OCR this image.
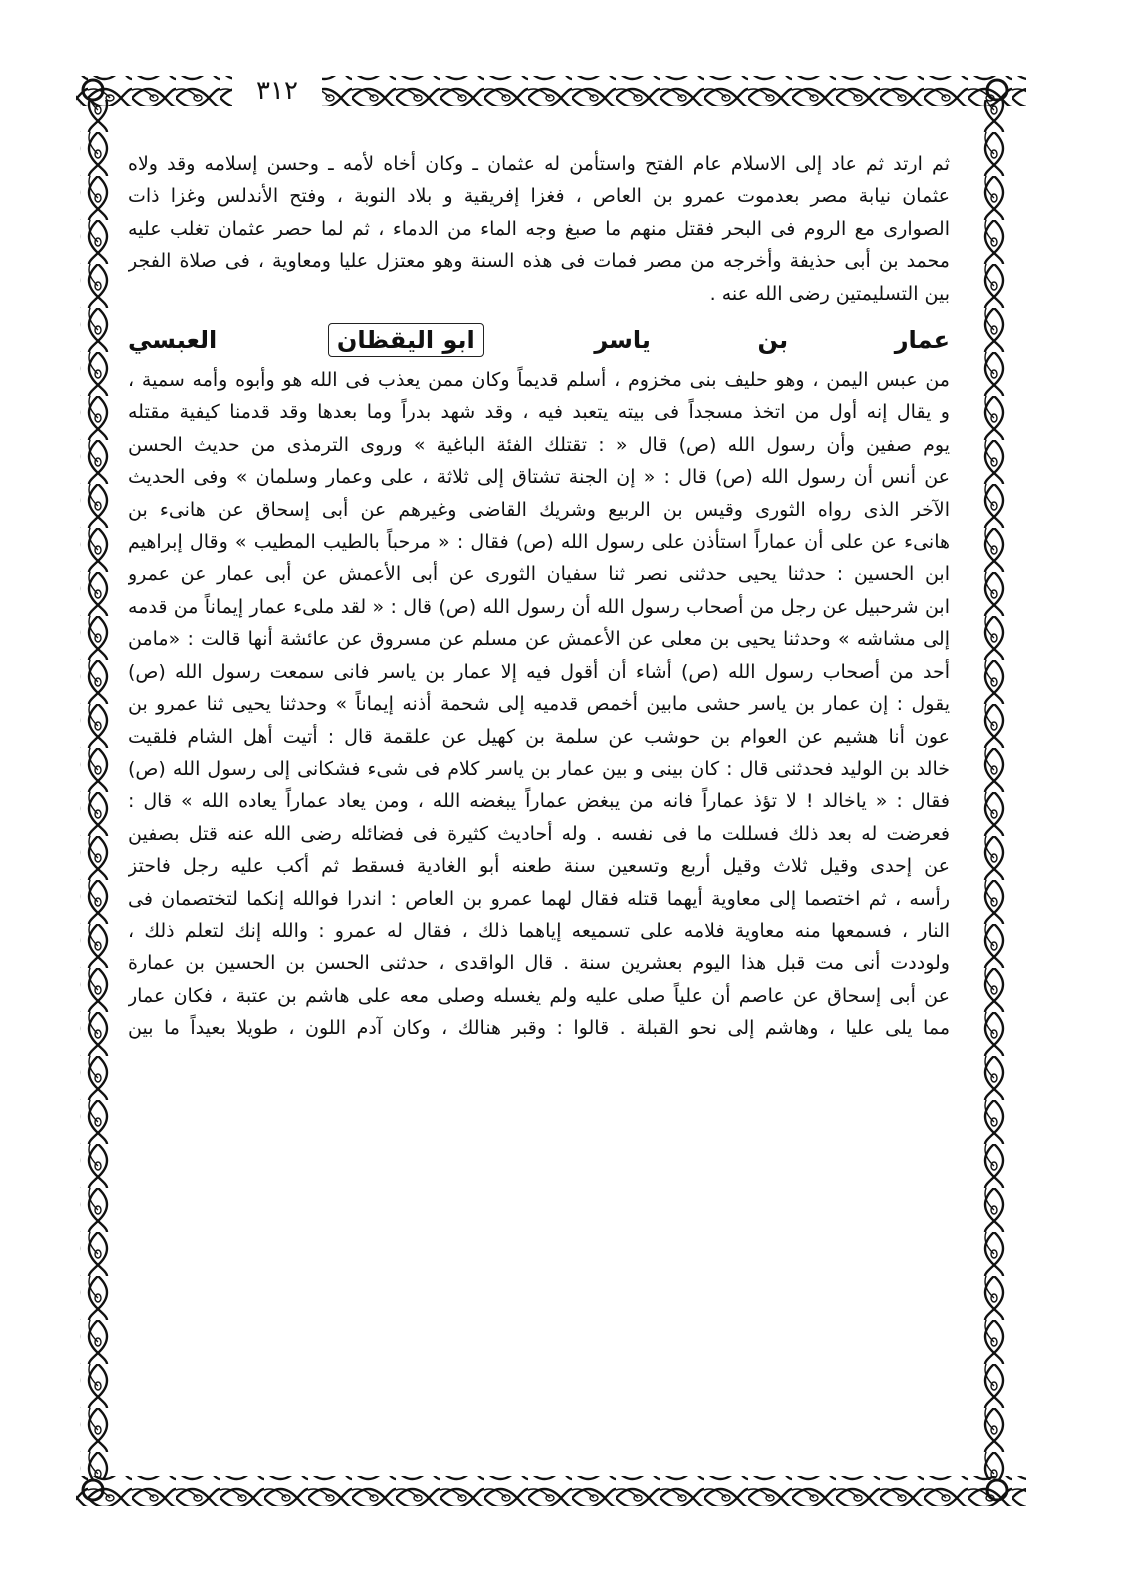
٣١٢

ثم ارتد ثم عاد إلى الاسلام عام الفتح واستأمن له عثمان ـ وكان أخاه لأمه ـ وحسن إسلامه وقد ولاه

عثمان نيابة مصر بعدموت عمرو بن العاص ، فغزا إفريقية و بلاد النوبة ، وفتح الأندلس وغزا ذات

الصوارى مع الروم فى البحر فقتل منهم ما صبغ وجه الماء من الدماء ، ثم لما حصر عثمان تغلب عليه

محمد بن أبى حذيفة وأخرجه من مصر فمات فى هذه السنة وهو معتزل عليا ومعاوية ، فى صلاة الفجر

بين التسليمتين رضى الله عنه .

عمار بن ياسر ابو اليقظان العبسي

من عبس اليمن ، وهو حليف بنى مخزوم ، أسلم قديماً وكان ممن يعذب فى الله هو وأبوه وأمه سمية ،

و يقال إنه أول من اتخذ مسجداً فى بيته يتعبد فيه ، وقد شهد بدراً وما بعدها وقد قدمنا كيفية مقتله

يوم صفين وأن رسول الله (ص) قال « : تقتلك الفئة الباغية » وروى الترمذى من حديث الحسن

عن أنس أن رسول الله (ص) قال : « إن الجنة تشتاق إلى ثلاثة ، على وعمار وسلمان » وفى الحديث

الآخر الذى رواه الثورى وقيس بن الربيع وشريك القاضى وغيرهم عن أبى إسحاق عن هانىء بن

هانىء عن على أن عماراً استأذن على رسول الله (ص) فقال : « مرحباً بالطيب المطيب » وقال إبراهيم

ابن الحسين : حدثنا يحيى حدثنى نصر ثنا سفيان الثورى عن أبى الأعمش عن أبى عمار عن عمرو

ابن شرحبيل عن رجل من أصحاب رسول الله أن رسول الله (ص) قال : « لقد ملىء عمار إيماناً من قدمه

إلى مشاشه » وحدثنا يحيى بن معلى عن الأعمش عن مسلم عن مسروق عن عائشة أنها قالت : «مامن

أحد من أصحاب رسول الله (ص) أشاء أن أقول فيه إلا عمار بن ياسر فانى سمعت رسول الله (ص)

يقول : إن عمار بن ياسر حشى مابين أخمص قدميه إلى شحمة أذنه إيماناً » وحدثنا يحيى ثنا عمرو بن

عون أنا هشيم عن العوام بن حوشب عن سلمة بن كهيل عن علقمة قال : أتيت أهل الشام فلقيت

خالد بن الوليد فحدثنى قال : كان بينى و بين عمار بن ياسر كلام فى شىء فشكانى إلى رسول الله (ص)

فقال : « ياخالد ! لا تؤذ عماراً فانه من يبغض عماراً يبغضه الله ، ومن يعاد عماراً يعاده الله » قال :

فعرضت له بعد ذلك فسللت ما فى نفسه . وله أحاديث كثيرة فى فضائله رضى الله عنه قتل بصفين

عن إحدى وقيل ثلاث وقيل أربع وتسعين سنة طعنه أبو الغادية فسقط ثم أكب عليه رجل فاحتز

رأسه ، ثم اختصما إلى معاوية أيهما قتله فقال لهما عمرو بن العاص : اندرا فوالله إنكما لتختصمان فى

النار ، فسمعها منه معاوية فلامه على تسميعه إياهما ذلك ، فقال له عمرو : والله إنك لتعلم ذلك ،

ولوددت أنى مت قبل هذا اليوم بعشرين سنة . قال الواقدى ، حدثنى الحسن بن الحسين بن عمارة

عن أبى إسحاق عن عاصم أن علياً صلى عليه ولم يغسله وصلى معه على هاشم بن عتبة ، فكان عمار

مما يلى عليا ، وهاشم إلى نحو القبلة . قالوا : وقبر هنالك ، وكان آدم اللون ، طويلا بعيداً ما بين
